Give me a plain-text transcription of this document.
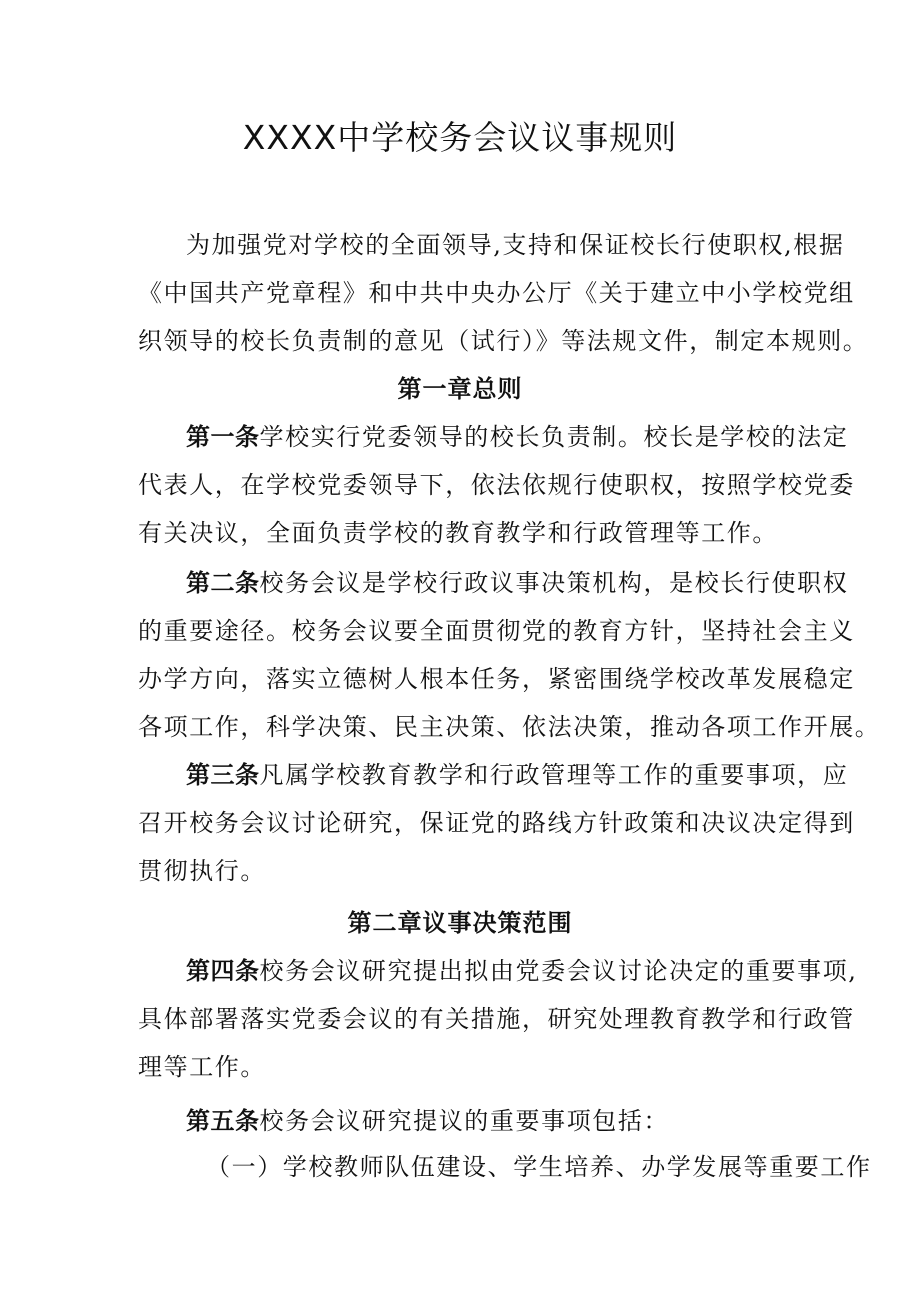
XXXX中学校务会议议事规则
为加强党对学校的全面领导,支持和保证校长行使职权,根据
《中国共产党章程》和中共中央办公厅《关于建立中小学校党组
织领导的校长负责制的意见（试行）》等法规文件，制定本规则。
第一章总则
第一条学校实行党委领导的校长负责制。校长是学校的法定
代表人，在学校党委领导下，依法依规行使职权，按照学校党委
有关决议，全面负责学校的教育教学和行政管理等工作。
第二条校务会议是学校行政议事决策机构，是校长行使职权
的重要途径。校务会议要全面贯彻党的教育方针，坚持社会主义
办学方向，落实立德树人根本任务，紧密围绕学校改革发展稳定
各项工作，科学决策、民主决策、依法决策，推动各项工作开展。
第三条凡属学校教育教学和行政管理等工作的重要事项，应
召开校务会议讨论研究，保证党的路线方针政策和决议决定得到
贯彻执行。
第二章议事决策范围
第四条校务会议研究提出拟由党委会议讨论决定的重要事项,
具体部署落实党委会议的有关措施，研究处理教育教学和行政管
理等工作。
第五条校务会议研究提议的重要事项包括：
（一）学校教师队伍建设、学生培养、办学发展等重要工作
